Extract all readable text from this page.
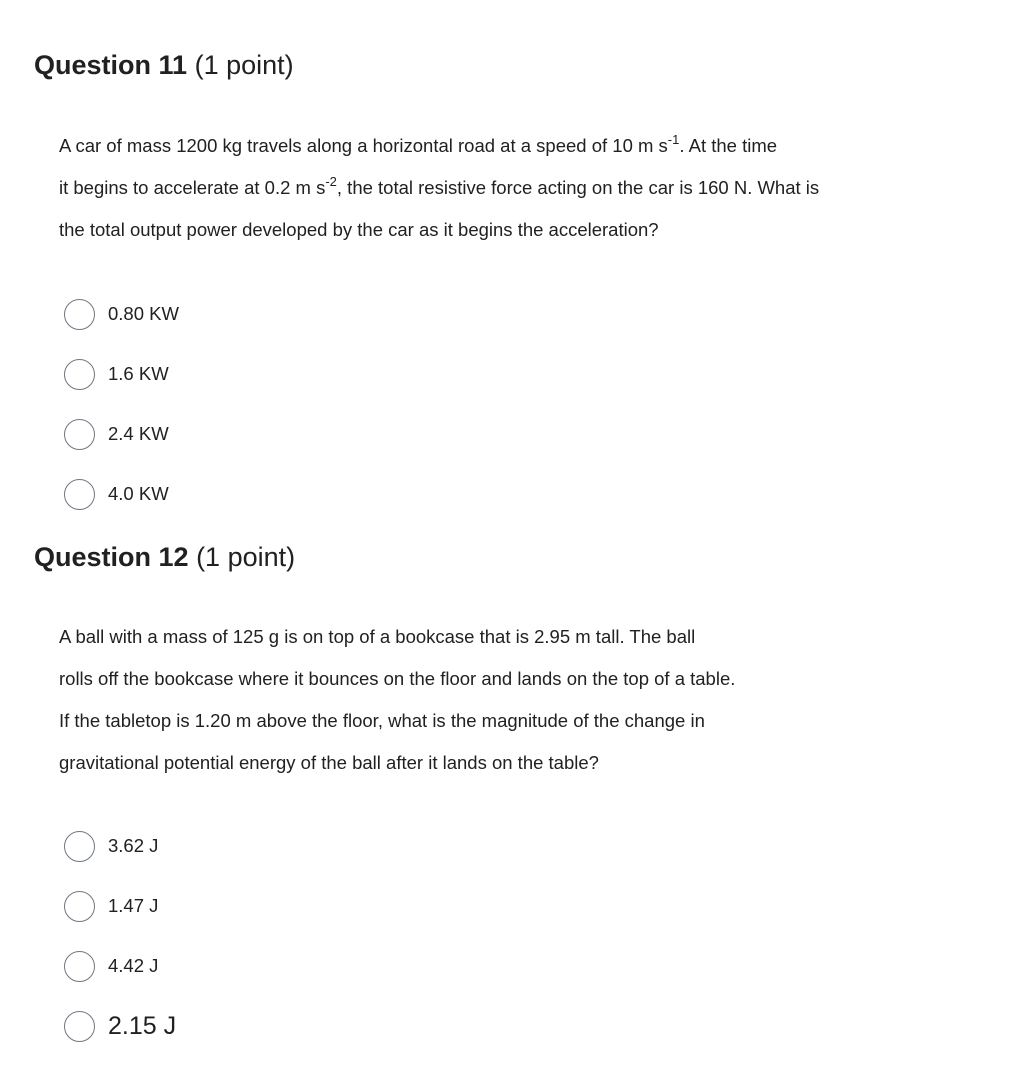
Question 11 (1 point)
A car of mass 1200 kg travels along a horizontal road at a speed of 10 m $s^{-1}$. At the time
it begins to accelerate at 0.2 m $s^{-2}$, the total resistive force acting on the car is 160 N. What is
the total output power developed by the car as it begins the acceleration?
0.80 KW
1.6 KW
2.4 KW
4.0 KW
Question 12 (1 point)
A ball with a mass of 125 g is on top of a bookcase that is 2.95 m tall. The ball
rolls off the bookcase where it bounces on the floor and lands on the top of a table.
If the tabletop is 1.20 m above the floor, what is the magnitude of the change in
gravitational potential energy of the ball after it lands on the table?
3.62 J
1.47 J
4.42 J
2.15 J
